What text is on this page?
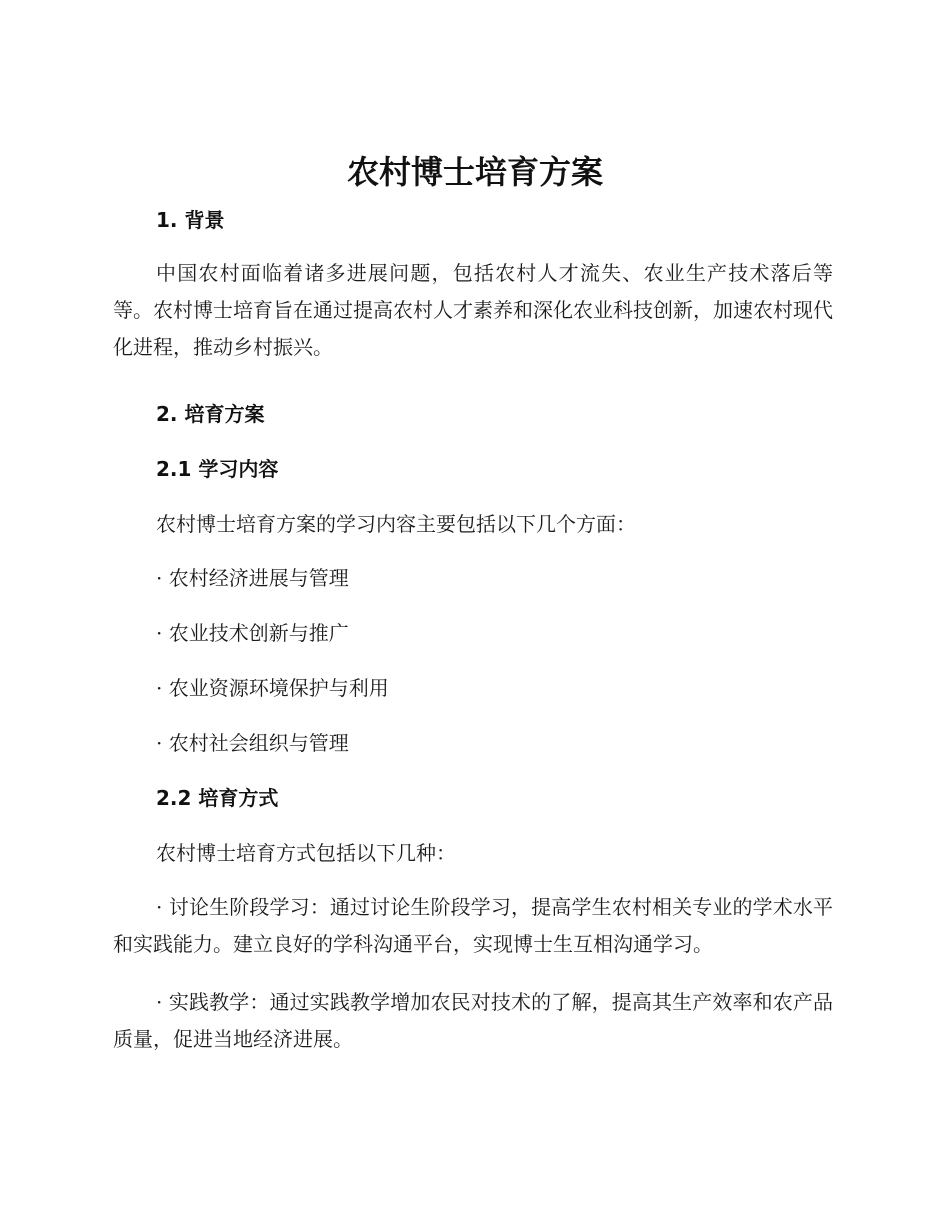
农村博士培育方案
1. 背景
中国农村面临着诸多进展问题，包括农村人才流失、农业生产技术落后等等。农村博士培育旨在通过提高农村人才素养和深化农业科技创新，加速农村现代化进程，推动乡村振兴。
2. 培育方案
2.1 学习内容
农村博士培育方案的学习内容主要包括以下几个方面：
· 农村经济进展与管理
· 农业技术创新与推广
· 农业资源环境保护与利用
· 农村社会组织与管理
2.2 培育方式
农村博士培育方式包括以下几种：
· 讨论生阶段学习：通过讨论生阶段学习，提高学生农村相关专业的学术水平和实践能力。建立良好的学科沟通平台，实现博士生互相沟通学习。
· 实践教学：通过实践教学增加农民对技术的了解，提高其生产效率和农产品质量，促进当地经济进展。
